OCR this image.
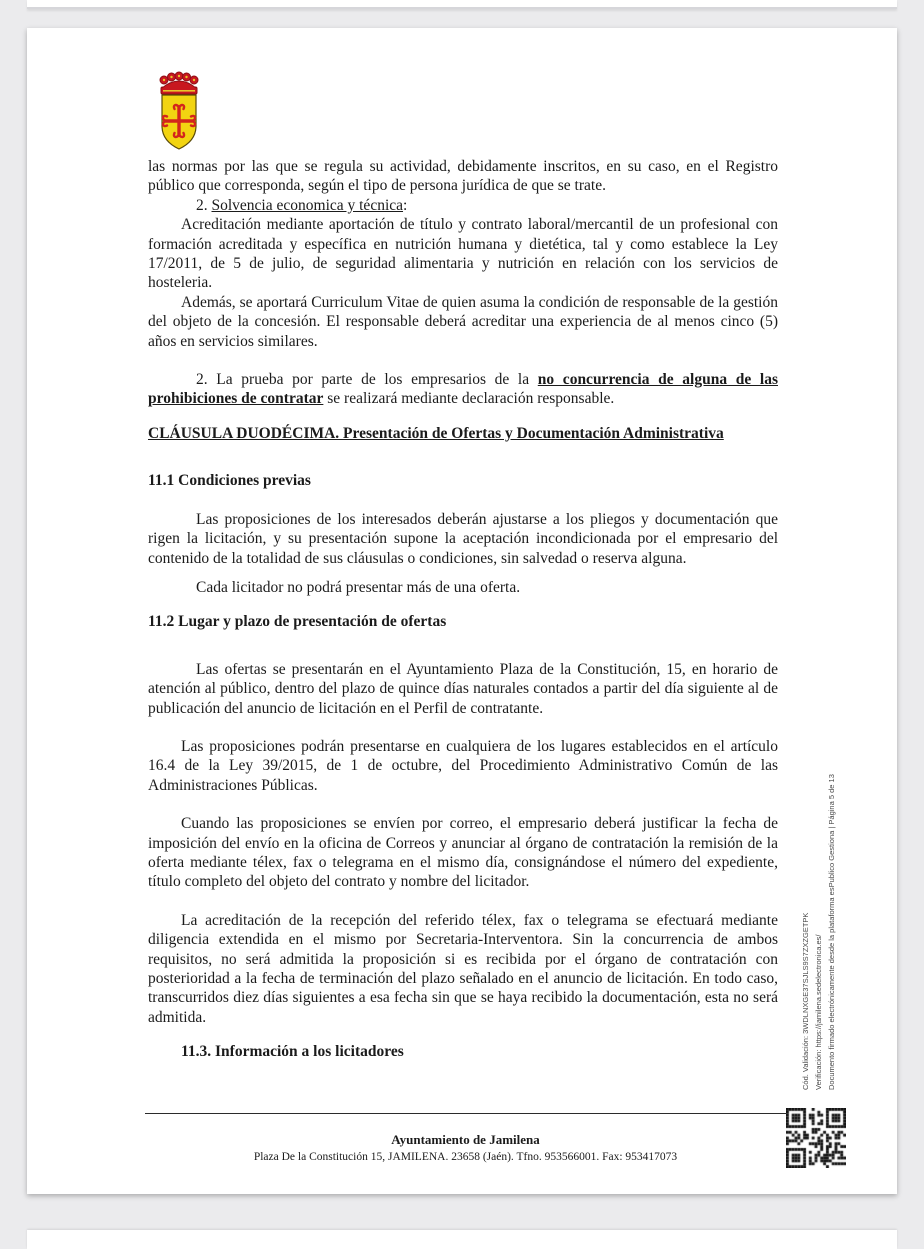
las normas por las que se regula su actividad, debidamente inscritos, en su caso, en el Registro público que corresponda, según el tipo de persona jurídica de que se trate.

2. Solvencia economica y técnica:

Acreditación mediante aportación de título y contrato laboral/mercantil de un profesional con formación acreditada y específica en nutrición humana y dietética, tal y como establece la Ley 17/2011, de 5 de julio, de seguridad alimentaria y nutrición en relación con los servicios de hosteleria.

Además, se aportará Curriculum Vitae de quien asuma la condición de responsable de la gestión del objeto de la concesión. El responsable deberá acreditar una experiencia de al menos cinco (5) años en servicios similares.

2. La prueba por parte de los empresarios de la no concurrencia de alguna de las prohibiciones de contratar se realizará mediante declaración responsable.

CLÁUSULA DUODÉCIMA. Presentación de Ofertas y Documentación Administrativa

11.1 Condiciones previas

Las proposiciones de los interesados deberán ajustarse a los pliegos y documentación que rigen la licitación, y su presentación supone la aceptación incondicionada por el empresario del contenido de la totalidad de sus cláusulas o condiciones, sin salvedad o reserva alguna.

Cada licitador no podrá presentar más de una oferta.

11.2 Lugar y plazo de presentación de ofertas

Las ofertas se presentarán en el Ayuntamiento Plaza de la Constitución, 15, en horario de atención al público, dentro del plazo de quince días naturales contados a partir del día siguiente al de publicación del anuncio de licitación en el Perfil de contratante.

Las proposiciones podrán presentarse en cualquiera de los lugares establecidos en el artículo 16.4 de la Ley 39/2015, de 1 de octubre, del Procedimiento Administrativo Común de las Administraciones Públicas.

Cuando las proposiciones se envíen por correo, el empresario deberá justificar la fecha de imposición del envío en la oficina de Correos y anunciar al órgano de contratación la remisión de la oferta mediante télex, fax o telegrama en el mismo día, consignándose el número del expediente, título completo del objeto del contrato y nombre del licitador.

La acreditación de la recepción del referido télex, fax o telegrama se efectuará mediante diligencia extendida en el mismo por Secretaria-Interventora. Sin la concurrencia de ambos requisitos, no será admitida la proposición si es recibida por el órgano de contratación con posterioridad a la fecha de terminación del plazo señalado en el anuncio de licitación. En todo caso, transcurridos diez días siguientes a esa fecha sin que se haya recibido la documentación, esta no será admitida.

11.3. Información a los licitadores	Cód. Validación: 3WDLNXGE37SJLS9S7ZXZGETPK Verificación: https://jamilena.sedelectronica.es/ Documento firmado electrónicamente desde la plataforma esPublico Gestiona | Página 5 de 13
Ayuntamiento de Jamilena
Plaza De la Constitución 15, JAMILENA. 23658 (Jaén). Tfno. 953566001. Fax: 953417073
